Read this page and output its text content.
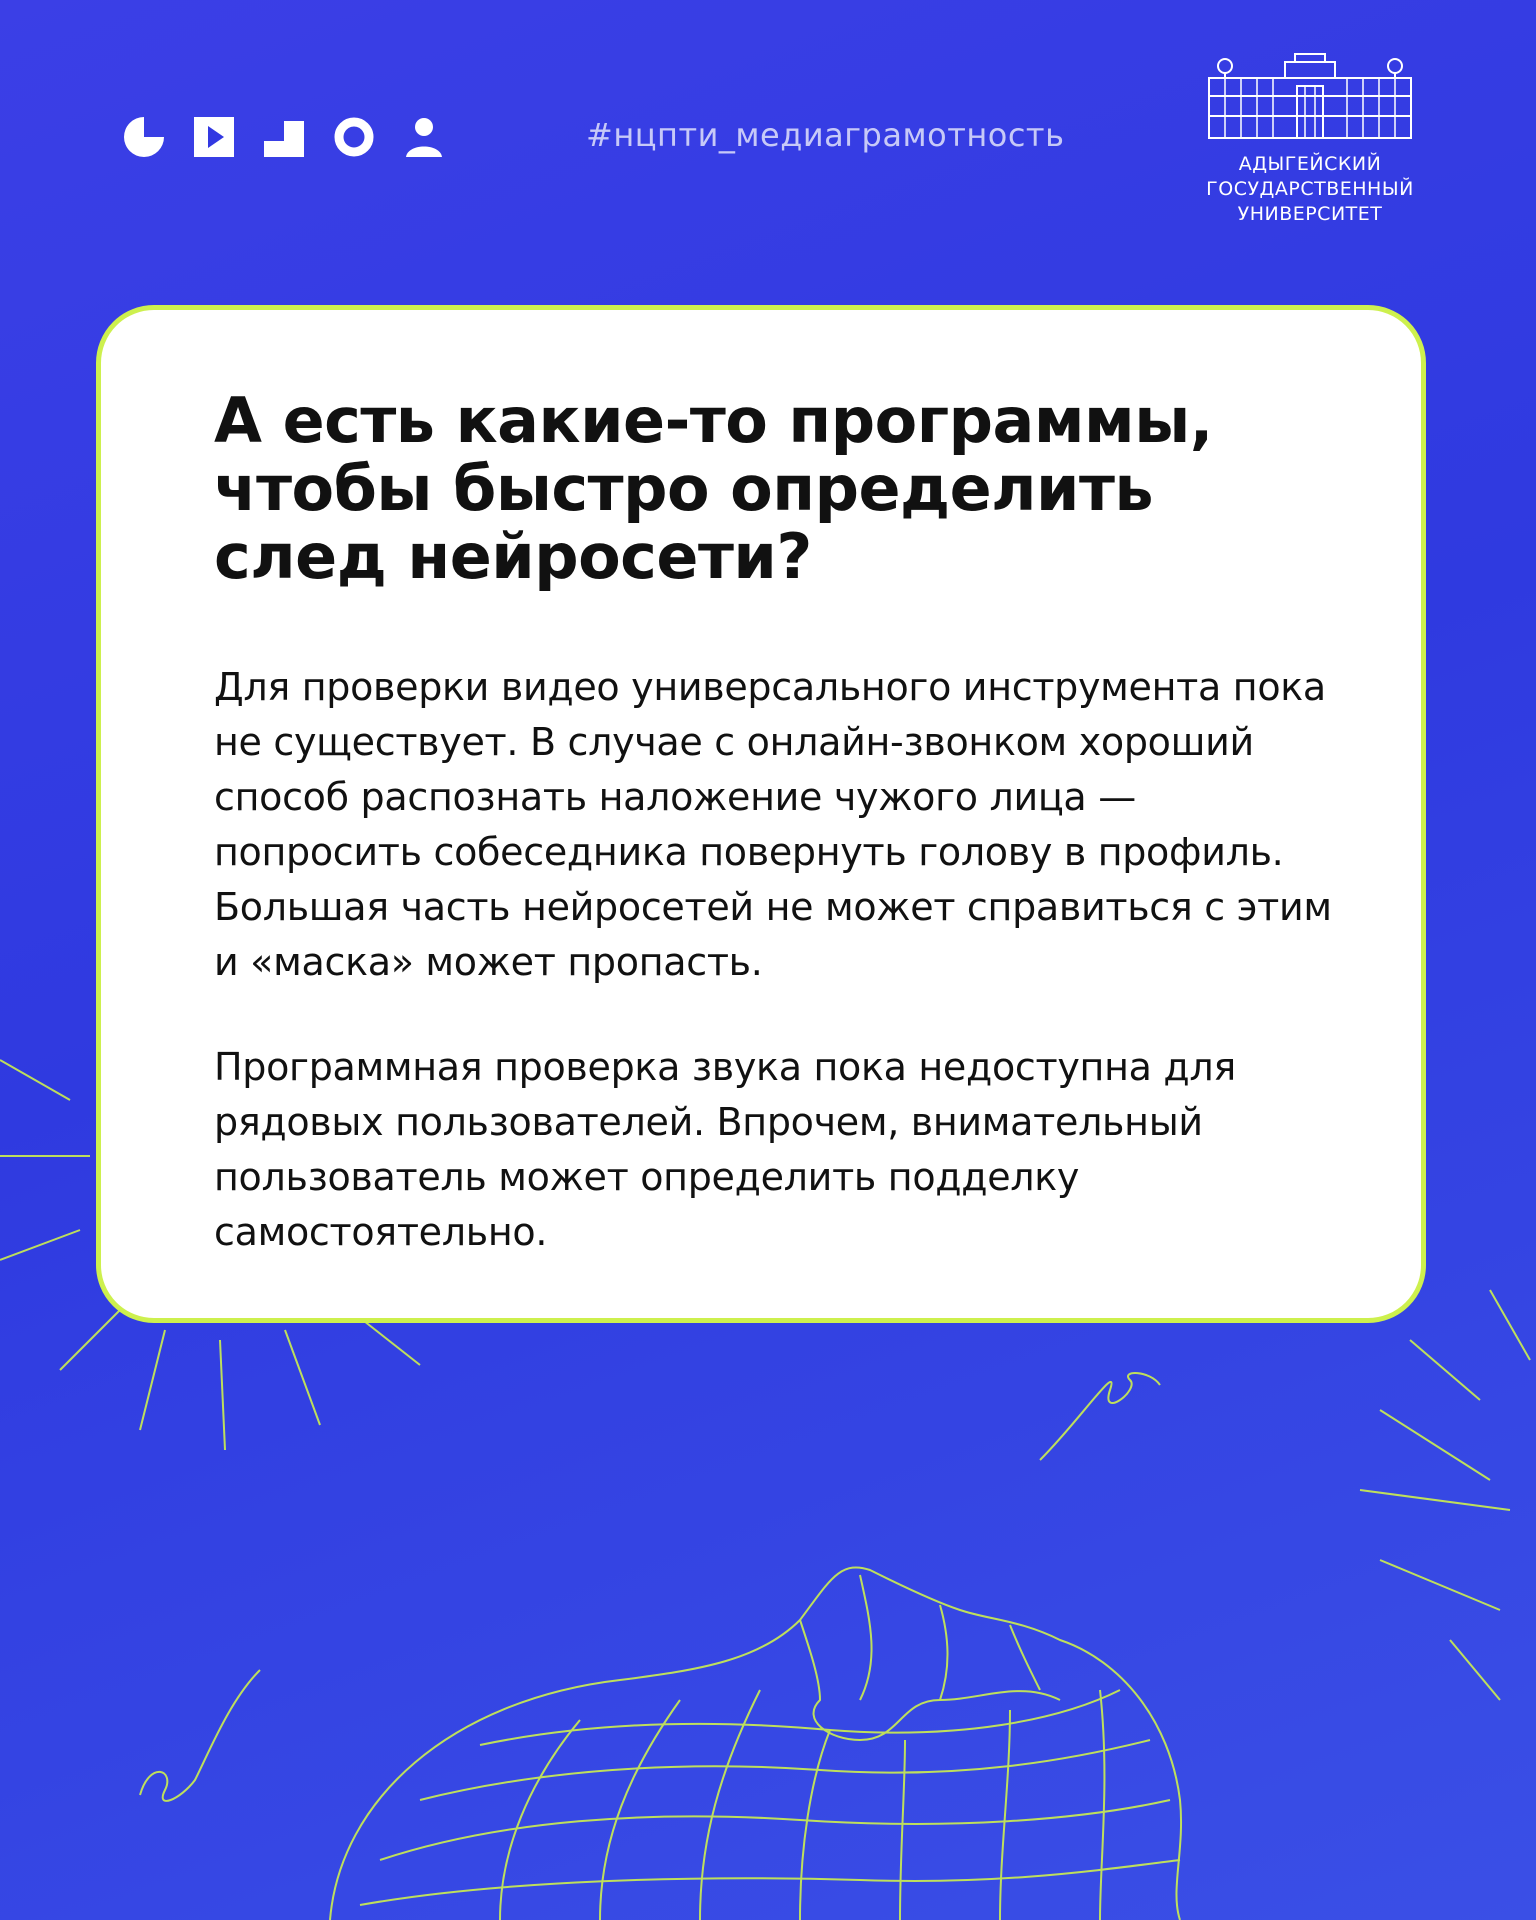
#нцпти_медиаграмотность
АДЫГЕЙСКИЙ
ГОСУДАРСТВЕННЫЙ
УНИВЕРСИТЕТ
А есть какие-то программы, чтобы быстро определить след нейросети?

Для проверки видео универсального инструмента пока не существует. В случае с онлайн-звонком хороший способ распознать наложение чужого лица — попросить собеседника повернуть голову в профиль. Большая часть нейросетей не может справиться с этим и «маска» может пропасть.

Программная проверка звука пока недоступна для рядовых пользователей. Впрочем, внимательный пользователь может определить подделку самостоятельно.
